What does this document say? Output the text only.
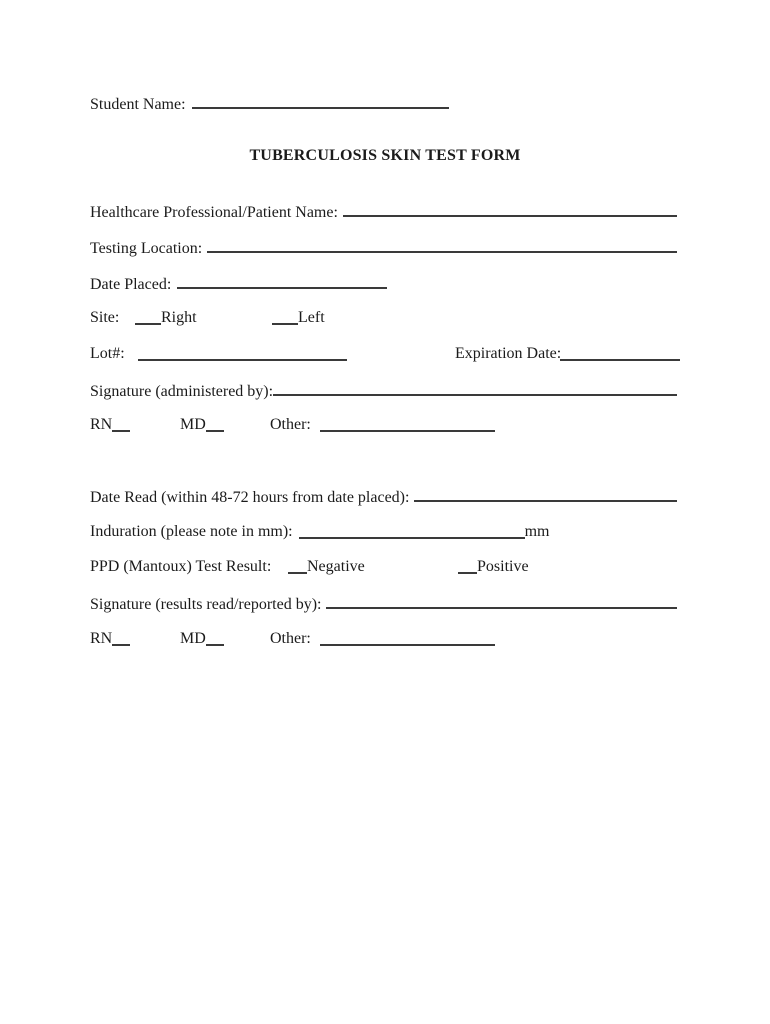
Student Name:
TUBERCULOSIS SKIN TEST FORM
Healthcare Professional/Patient Name:
Testing Location:
Date Placed:
Site:	Right	Left
Lot#:	Expiration Date:
Signature (administered by):
RN	MD	Other:
Date Read (within 48-72 hours from date placed):
Induration (please note in mm):	mm
PPD (Mantoux) Test Result:	Negative	Positive
Signature (results read/reported by):
RN	MD	Other:
